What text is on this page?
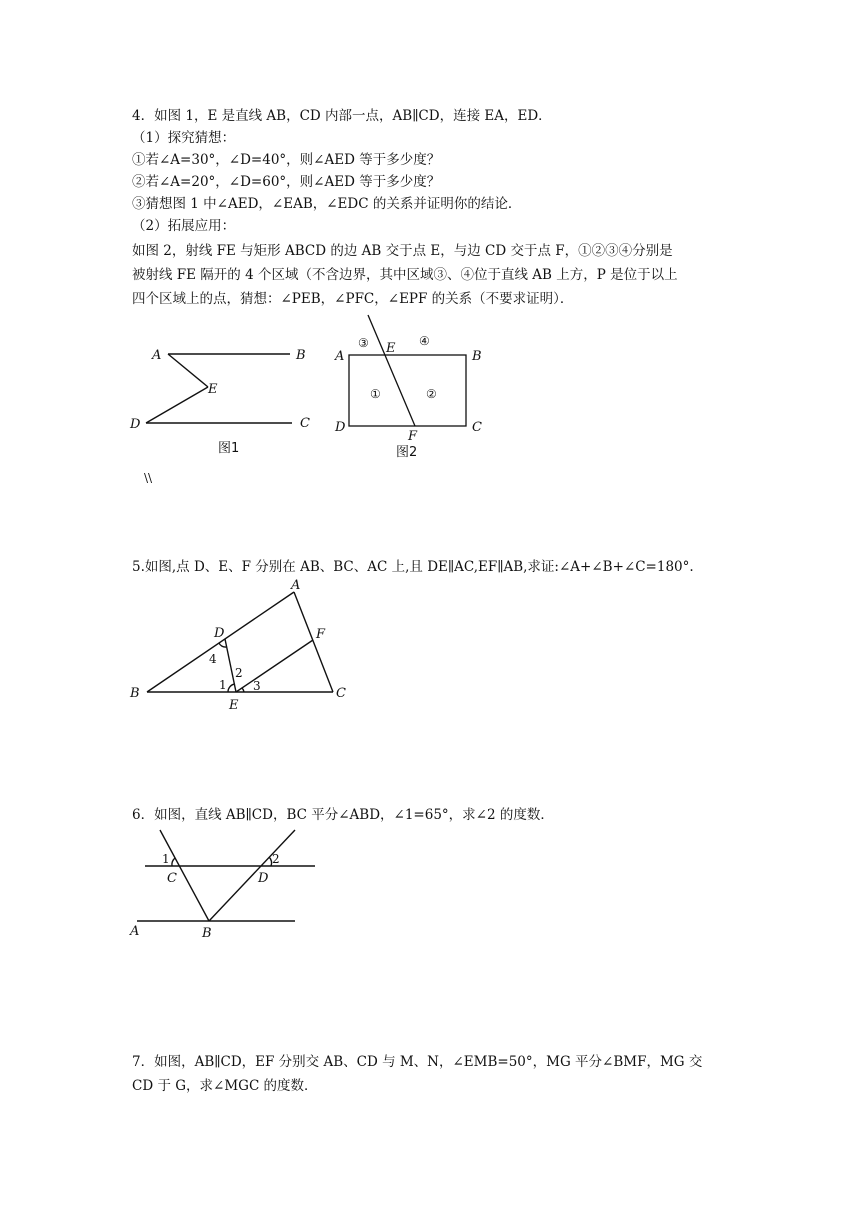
4．如图 1，E 是直线 AB，CD 内部一点，AB∥CD，连接 EA，ED．
（1）探究猜想：
①若∠A=30°，∠D=40°，则∠AED 等于多少度？
②若∠A=20°，∠D=60°，则∠AED 等于多少度？
③猜想图 1 中∠AED，∠EAB，∠EDC 的关系并证明你的结论．
（2）拓展应用：
如图 2，射线 FE 与矩形 ABCD 的边 AB 交于点 E，与边 CD 交于点 F，①②③④分别是
被射线 FE 隔开的 4 个区域（不含边界，其中区域③、④位于直线 AB 上方，P 是位于以上
四个区域上的点，猜想：∠PEB，∠PFC，∠EPF 的关系（不要求证明）．
A	B
E
D	C
图1
A	B
C
D
E
F
③	④
①	②
图2
\\
5.如图,点 D、E、F 分别在 AB、BC、AC 上,且 DE∥AC,EF∥AB,求证:∠A+∠B+∠C=180°.
A
B	C
D
E
F
1
2
3
4
6．如图，直线 AB∥CD，BC 平分∠ABD，∠1=65°，求∠2 的度数．
A	B
C	D
1	2
7．如图，AB∥CD，EF 分别交 AB、CD 与 M、N，∠EMB=50°，MG 平分∠BMF，MG 交
CD 于 G，求∠MGC 的度数．
